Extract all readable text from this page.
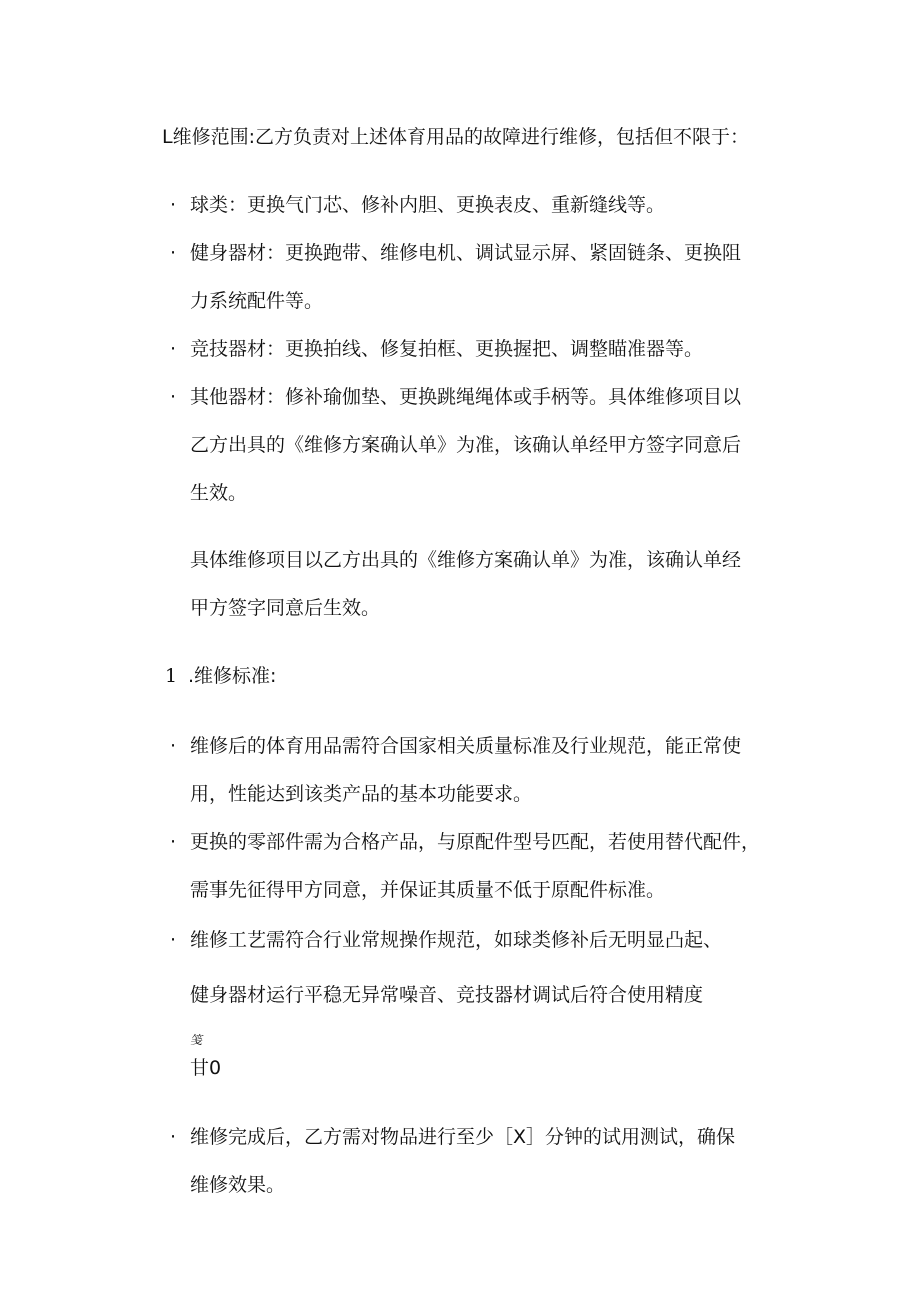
L维修范围:乙方负责对上述体育用品的故障进行维修，包括但不限于：
· 球类：更换气门芯、修补内胆、更换表皮、重新缝线等。
· 健身器材：更换跑带、维修电机、调试显示屏、紧固链条、更换阻
力系统配件等。
· 竞技器材：更换拍线、修复拍框、更换握把、调整瞄准器等。
· 其他器材：修补瑜伽垫、更换跳绳绳体或手柄等。具体维修项目以
乙方出具的《维修方案确认单》为准，该确认单经甲方签字同意后
生效。
具体维修项目以乙方出具的《维修方案确认单》为准，该确认单经
甲方签字同意后生效。
1 .维修标准:
· 维修后的体育用品需符合国家相关质量标准及行业规范，能正常使
用，性能达到该类产品的基本功能要求。
· 更换的零部件需为合格产品，与原配件型号匹配，若使用替代配件，
需事先征得甲方同意，并保证其质量不低于原配件标准。
· 维修工艺需符合行业常规操作规范，如球类修补后无明显凸起、
健身器材运行平稳无异常噪音、竞技器材调试后符合使用精度
笺
甘0
· 维修完成后，乙方需对物品进行至少［X］分钟的试用测试，确保
维修效果。
